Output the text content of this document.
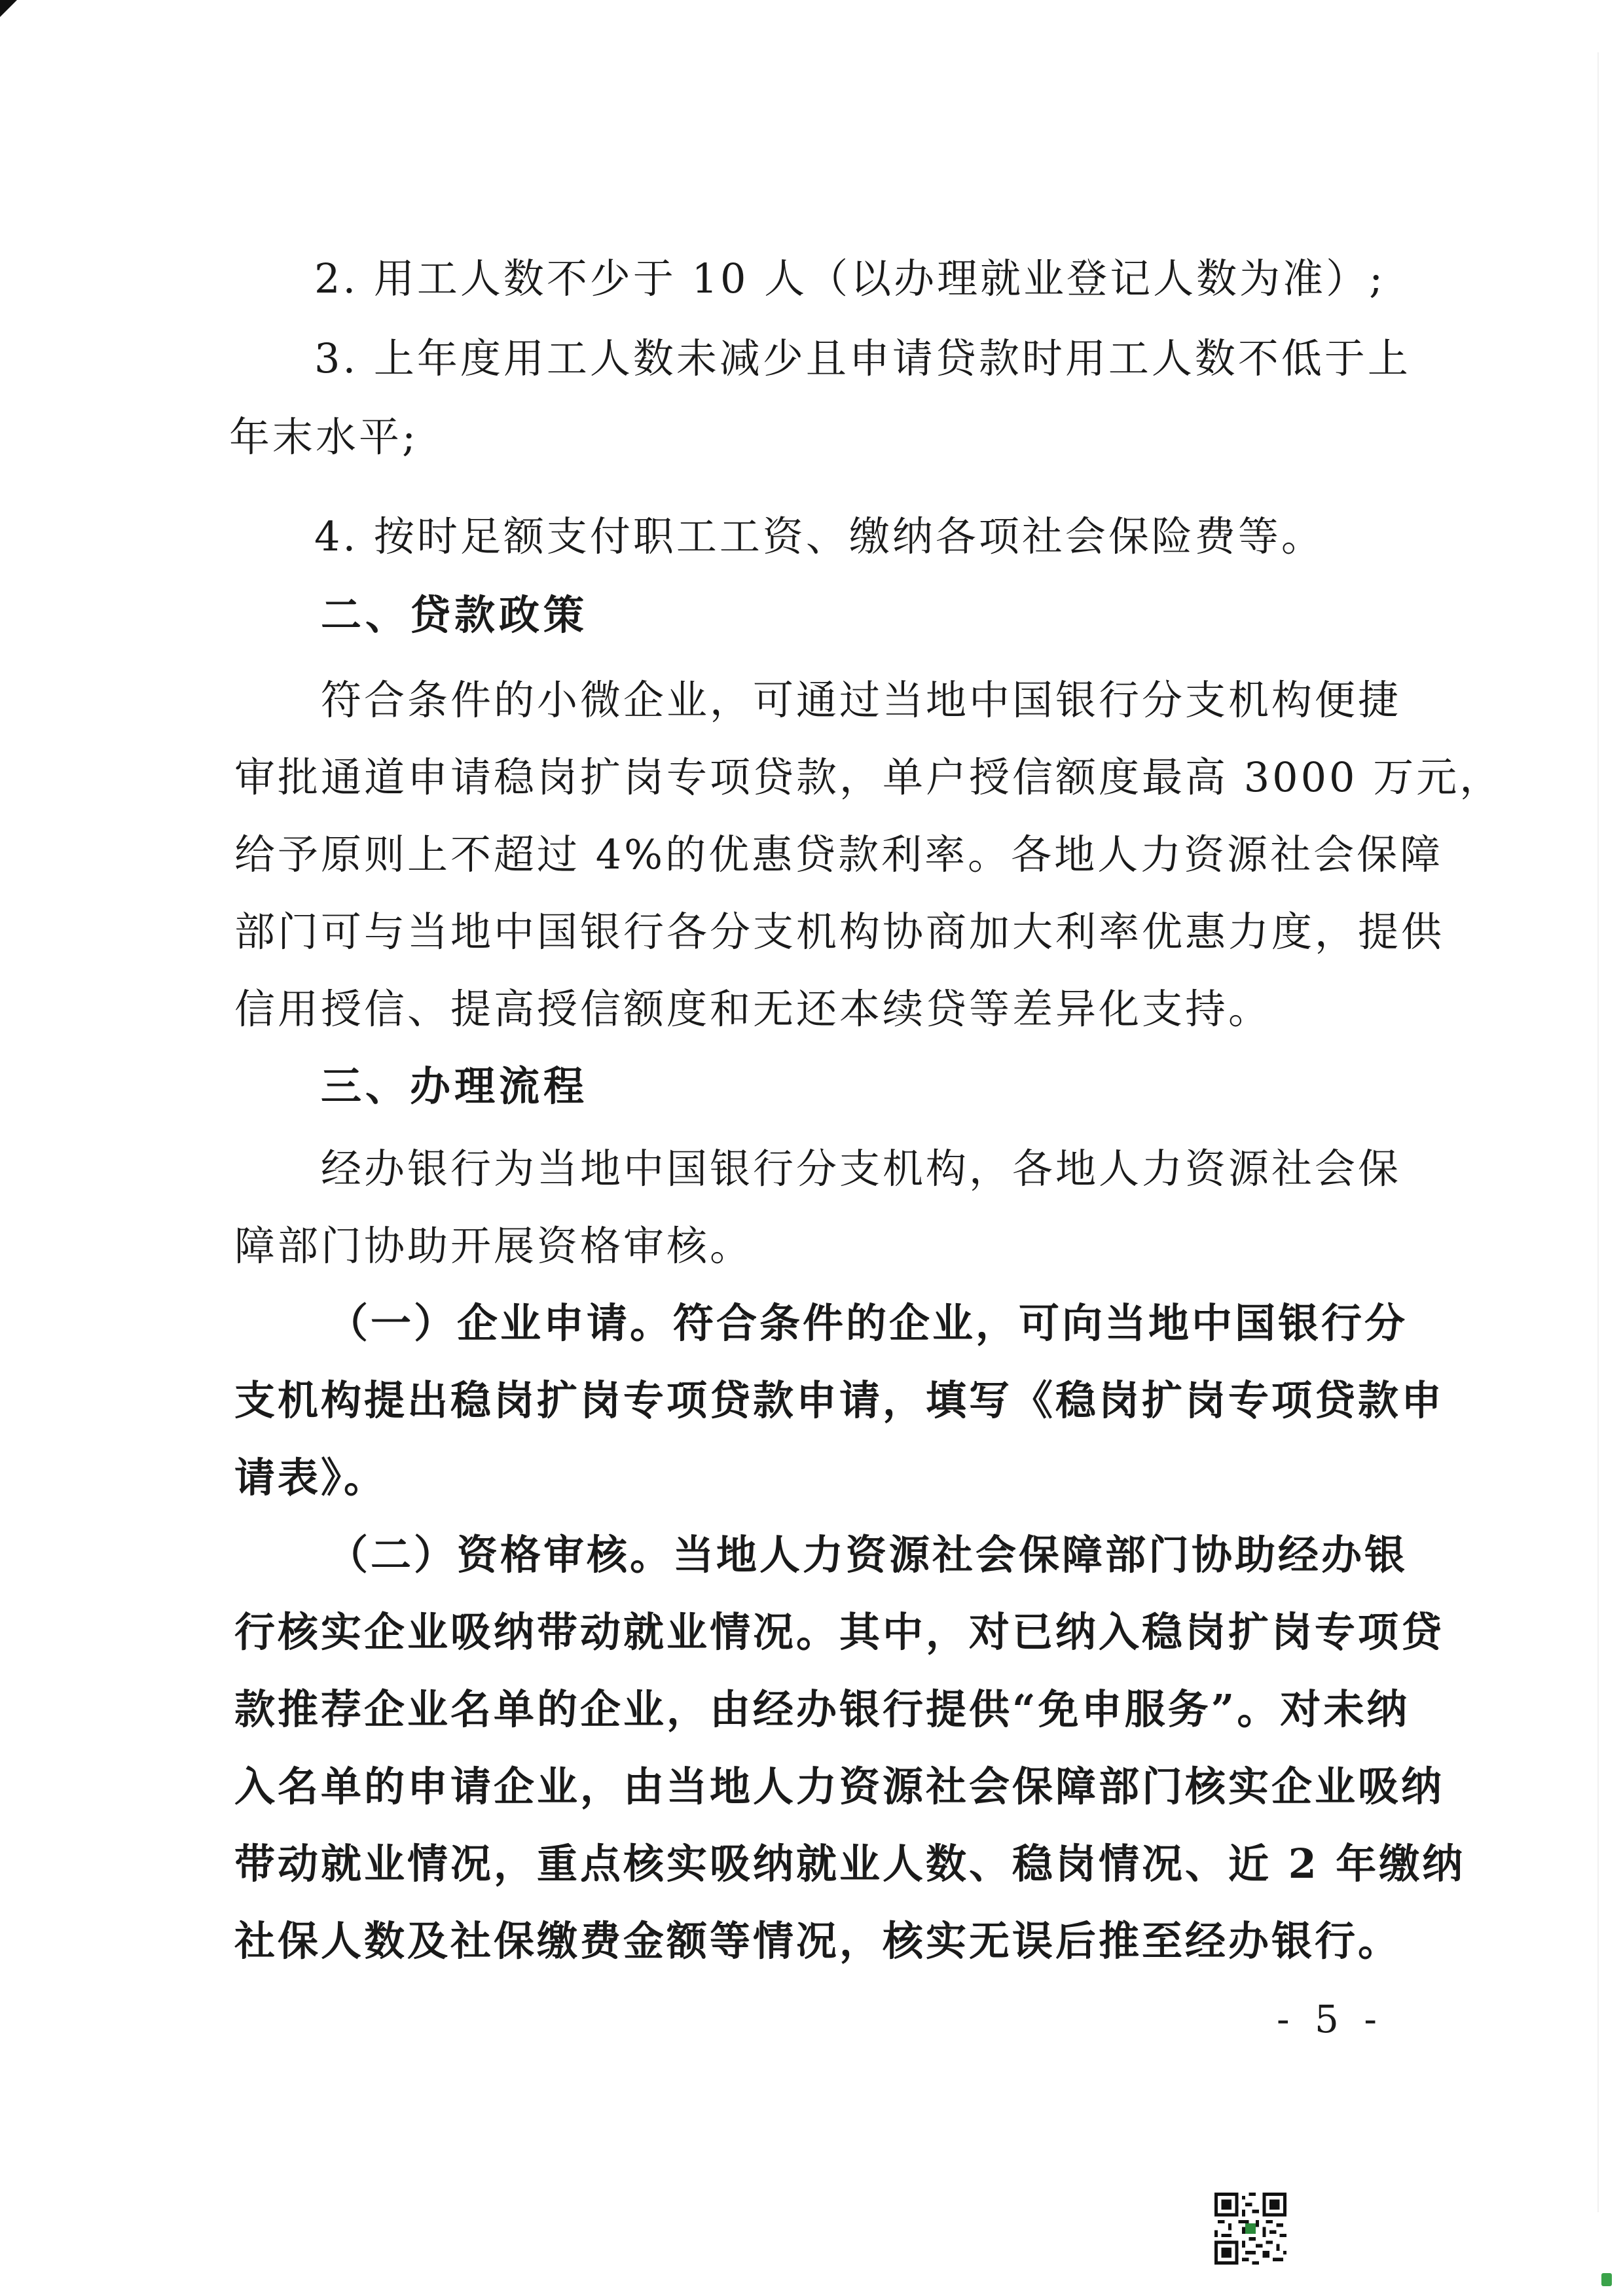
2. 用工人数不少于 10 人（以办理就业登记人数为准）;
3. 上年度用工人数未减少且申请贷款时用工人数不低于上
年末水平;
4. 按时足额支付职工工资、缴纳各项社会保险费等。
二、贷款政策
符合条件的小微企业，可通过当地中国银行分支机构便捷
审批通道申请稳岗扩岗专项贷款，单户授信额度最高 3000 万元，
给予原则上不超过 4%的优惠贷款利率。各地人力资源社会保障
部门可与当地中国银行各分支机构协商加大利率优惠力度，提供
信用授信、提高授信额度和无还本续贷等差异化支持。
三、办理流程
经办银行为当地中国银行分支机构，各地人力资源社会保
障部门协助开展资格审核。
（一）企业申请。符合条件的企业，可向当地中国银行分
支机构提出稳岗扩岗专项贷款申请，填写《稳岗扩岗专项贷款申
请表》。
（二）资格审核。当地人力资源社会保障部门协助经办银
行核实企业吸纳带动就业情况。其中，对已纳入稳岗扩岗专项贷
款推荐企业名单的企业，由经办银行提供“免申服务”。对未纳
入名单的申请企业，由当地人力资源社会保障部门核实企业吸纳
带动就业情况，重点核实吸纳就业人数、稳岗情况、近 2 年缴纳
社保人数及社保缴费金额等情况，核实无误后推至经办银行。
- 5 -
